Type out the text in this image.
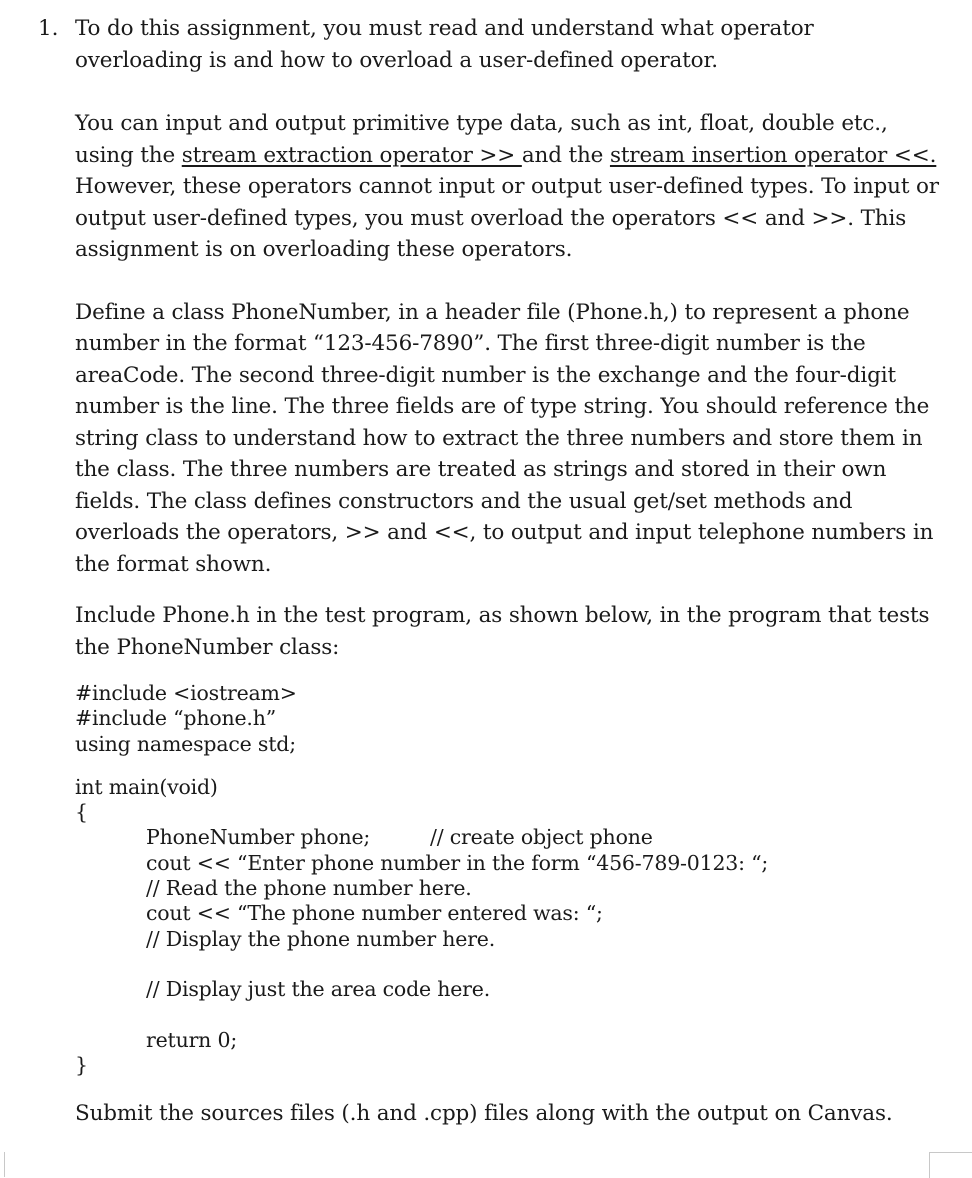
1. To do this assignment, you must read and understand what operator overloading is and how to overload a user-defined operator.

You can input and output primitive type data, such as int, float, double etc., using the stream extraction operator >> and the stream insertion operator <<. However, these operators cannot input or output user-defined types. To input or output user-defined types, you must overload the operators << and >>. This assignment is on overloading these operators.

Define a class PhoneNumber, in a header file (Phone.h,) to represent a phone number in the format “123-456-7890”. The first three-digit number is the areaCode. The second three-digit number is the exchange and the four-digit number is the line. The three fields are of type string. You should reference the string class to understand how to extract the three numbers and store them in the class. The three numbers are treated as strings and stored in their own fields. The class defines constructors and the usual get/set methods and overloads the operators, >> and <<, to output and input telephone numbers in the format shown.

Include Phone.h in the test program, as shown below, in the program that tests the PhoneNumber class:

#include <iostream>
#include “phone.h”
using namespace std;
int main(void)
{
PhoneNumber phone;	// create object phone
cout << “Enter phone number in the form “456-789-0123: “;
// Read the phone number here.
cout << “The phone number entered was: “;
// Display the phone number here.
// Display just the area code here.
return 0;
}

Submit the sources files (.h and .cpp) files along with the output on Canvas.
